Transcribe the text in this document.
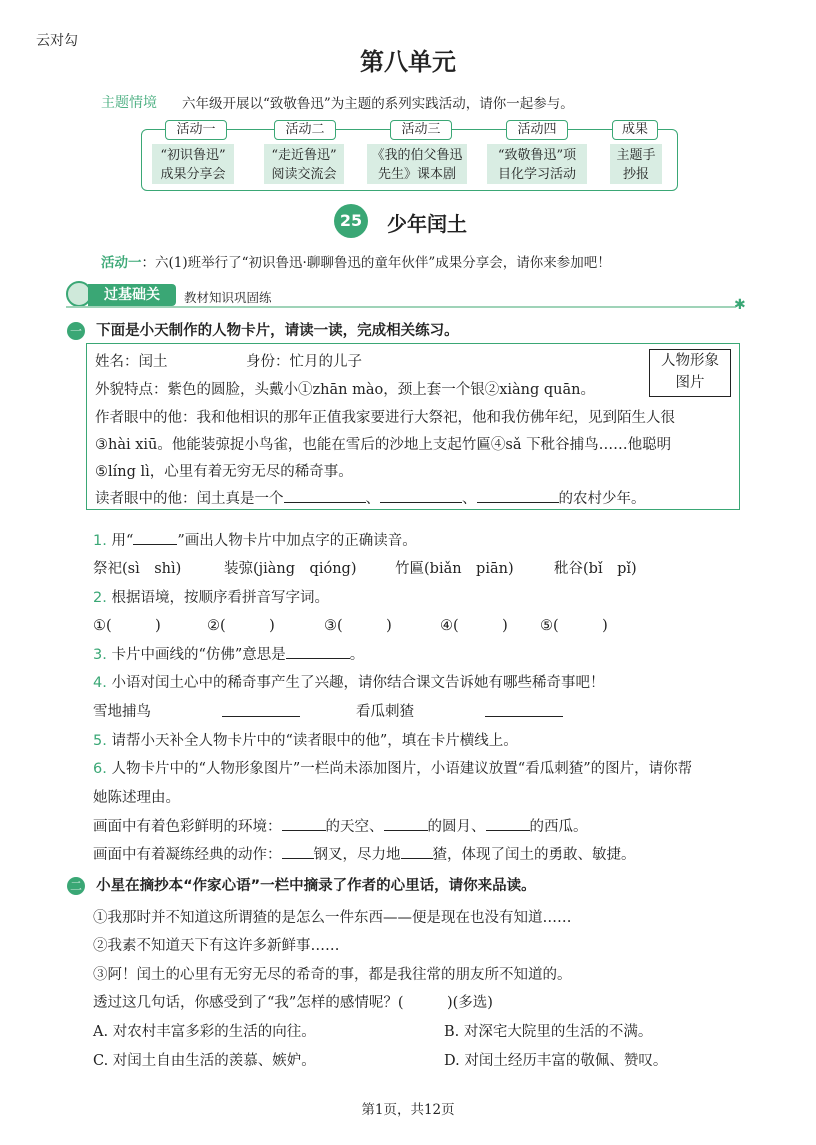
云对勾
第八单元
主题情境 六年级开展以“致敬鲁迅”为主题的系列实践活动，请你一起参与。
“初识鲁迅”
成果分享会
“走近鲁迅”
阅读交流会
《我的伯父鲁迅
先生》课本剧
“致敬鲁迅”项
目化学习活动
主题手
抄报
活动一	活动二	活动三	活动四	成果
25 少年闰土
活动一：六(1)班举行了“初识鲁迅·聊聊鲁迅的童年伙伴”成果分享会，请你来参加吧！
过基础关	教材知识巩固练	✱
一 下面是小天制作的人物卡片，请读一读，完成相关练习。
人物形象
图片
姓名：闰土	身份：忙月的儿子
外貌特点：紫色的圆脸，头戴小①zhān mào，颈上套一个银②xiàng quān。
作者眼中的他：我和他相识的那年正值我家要进行大祭祀，他和我仿佛年纪，见到陌生人很
③hài xiū。他能装弶捉小鸟雀，也能在雪后的沙地上支起竹匾④sǎ 下秕谷捕鸟……他聪明
⑤líng lì，心里有着无穷无尽的稀奇事。
读者眼中的他：闰土真是一个	、	、	的农村少年。
1. 用“	”画出人物卡片中加点字的正确读音。
祭祀(sì　shì)	装弶(jiàng　qióng)	竹匾(biǎn　piān)	秕谷(bǐ　pǐ)
2. 根据语境，按顺序看拼音写字词。
①(　　　)	②(　　　)	③(　　　)	④(　　　) ⑤(　　　)
3. 卡片中画线的“仿佛”意思是	。
4. 小语对闰土心中的稀奇事产生了兴趣，请你结合课文告诉她有哪些稀奇事吧！
雪地捕鸟	看瓜刺猹
5. 请帮小天补全人物卡片中的“读者眼中的他”，填在卡片横线上。
6. 人物卡片中的“人物形象图片”一栏尚未添加图片，小语建议放置“看瓜刺猹”的图片，请你帮
她陈述理由。
画面中有着色彩鲜明的环境：	的天空、	的圆月、	的西瓜。
画面中有着凝练经典的动作： 钢叉，尽力地 猹，体现了闰土的勇敢、敏捷。
二 小星在摘抄本“作家心语”一栏中摘录了作者的心里话，请你来品读。
①我那时并不知道这所谓猹的是怎么一件东西——便是现在也没有知道……
②我素不知道天下有这许多新鲜事……
③阿！闰土的心里有无穷无尽的希奇的事，都是我往常的朋友所不知道的。
透过这几句话，你感受到了“我”怎样的感情呢？(　　　)(多选)
A. 对农村丰富多彩的生活的向往。	B. 对深宅大院里的生活的不满。
C. 对闰土自由生活的羡慕、嫉妒。	D. 对闰土经历丰富的敬佩、赞叹。
第1页，共12页
